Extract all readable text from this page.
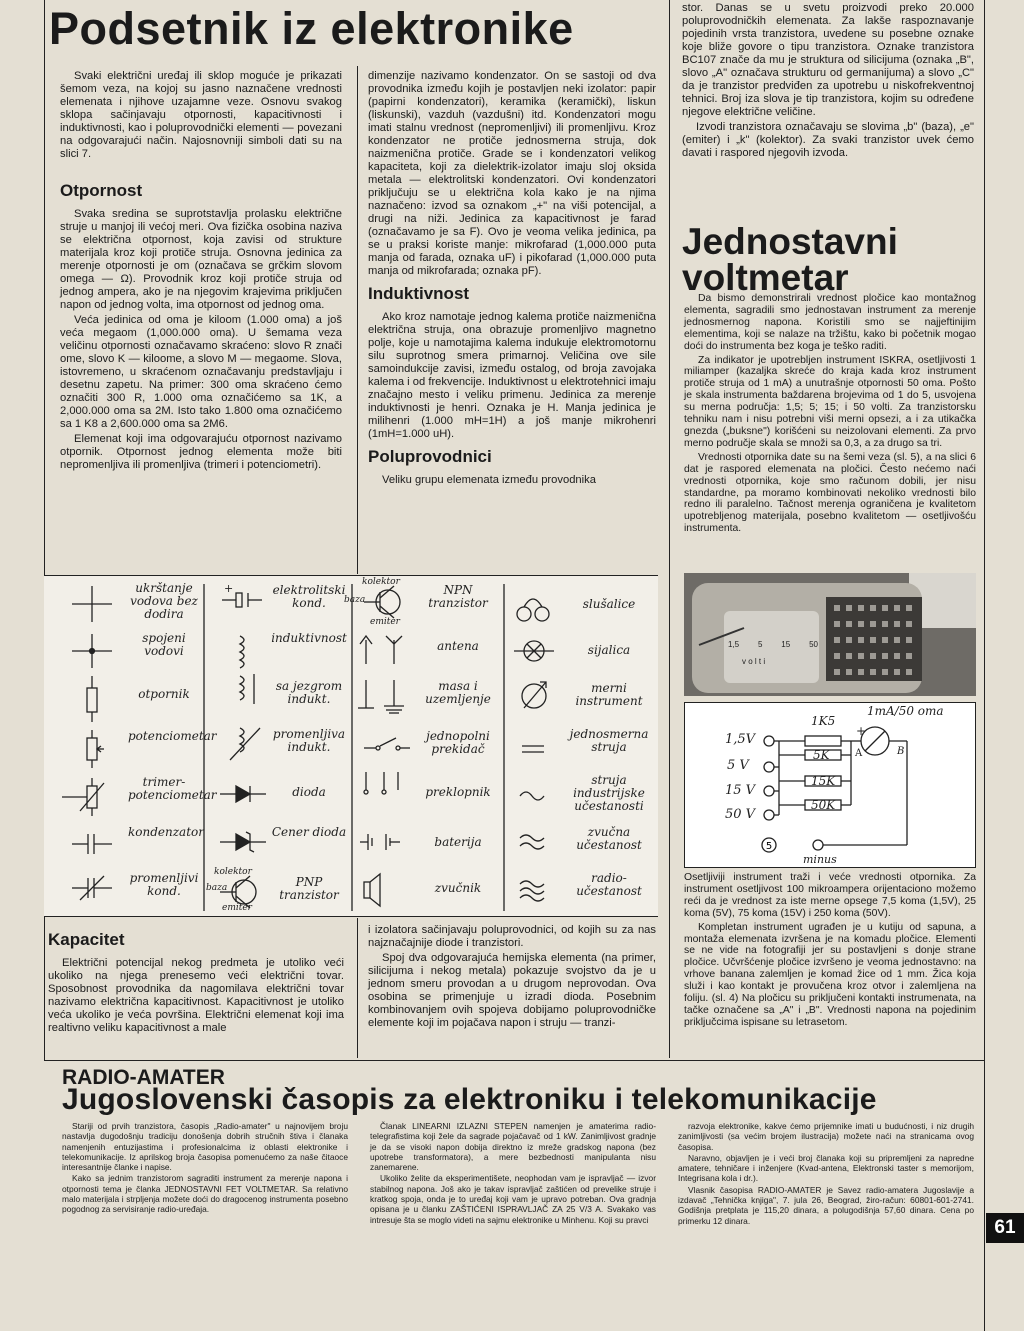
Podsetnik iz elektronike

Svaki električni uređaj ili sklop moguće je prikazati šemom veza, na kojoj su jasno naznačene vrednosti elemenata i njihove uzajamne veze. Osnovu svakog sklopa sačinjavaju otpornosti, kapacitivnosti i induktivnosti, kao i poluprovodnički elementi — povezani na odgovarajući način. Najosnovniji simboli dati su na slici 7.

Otpornost

Svaka sredina se suprotstavlja prolasku električne struje u manjoj ili većoj meri. Ova fizička osobina naziva se električna otpornost, koja zavisi od strukture materijala kroz koji protiče struja. Osnovna jedinica za merenje otpornosti je om (označava se grčkim slovom omega — Ω). Provodnik kroz koji protiče struja od jednog ampera, ako je na njegovim krajevima priključen napon od jednog volta, ima otpornost od jednog oma.

Veća jedinica od oma je kiloom (1.000 oma) a još veća megaom (1,000.000 oma). U šemama veza veličinu otpornosti označavamo skraćeno: slovo R znači ome, slovo K — kiloome, a slovo M — megaome. Slova, istovremeno, u skraćenom označavanju predstavljaju i desetnu zapetu. Na primer: 300 oma skraćeno ćemo označiti 300 R, 1.000 oma označićemo sa 1K, a 2,000.000 oma sa 2M. Isto tako 1.800 oma označićemo sa 1 K8 a 2,600.000 oma sa 2M6.

Elemenat koji ima odgovarajuću otpornost nazivamo otpornik. Otpornost jednog elementa može biti nepromenljiva ili promenljiva (trimeri i potenciometri).

Kapacitet

Električni potencijal nekog predmeta je utoliko veći ukoliko na njega prenesemo veći električni tovar. Sposobnost provodnika da nagomilava električni tovar nazivamo električna kapacitivnost. Kapacitivnost je utoliko veća ukoliko je veća površina. Električni elemenat koji ima realtivno veliku kapacitivnost a male

dimenzije nazivamo kondenzator. On se sastoji od dva provodnika između kojih je postavljen neki izolator: papir (papirni kondenzatori), keramika (keramički), liskun (liskunski), vazduh (vazdušni) itd. Kondenzatori mogu imati stalnu vrednost (nepromenljivi) ili promenljivu. Kroz kondenzator ne protiče jednosmerna struja, dok naizmenična protiče. Grade se i kondenzatori velikog kapaciteta, koji za dielektrik-izolator imaju sloj oksida metala — elektrolitski kondenzatori. Ovi kondenzatori priključuju se u električna kola kako je na njima naznačeno: izvod sa oznakom „+" na viši potencijal, a drugi na niži. Jedinica za kapacitivnost je farad (označavamo je sa F). Ovo je veoma velika jedinica, pa se u praksi koriste manje: mikrofarad (1,000.000 puta manja od farada, oznaka uF) i pikofarad (1,000.000 puta manja od mikrofarada; oznaka pF).

Induktivnost

Ako kroz namotaje jednog kalema protiče naizmenična električna struja, ona obrazuje promenljivo magnetno polje, koje u namotajima kalema indukuje elektromotornu silu suprotnog smera primarnoj. Veličina ove sile samoindukcije zavisi, između ostalog, od broja zavojaka kalema i od frekvencije. Induktivnost u elektrotehnici imaju značajno mesto i veliku primenu. Jedinica za merenje induktivnosti je henri. Oznaka je H. Manja jedinica je milihenri (1.000 mH=1H) a još manje mikrohenri (1mH=1.000 uH).

Poluprovodnici

Veliku grupu elemenata između provodnika

i izolatora sačinjavaju poluprovodnici, od kojih su za nas najznačajnije diode i tranzistori.

Spoj dva odgovarajuća hemijska elementa (na primer, silicijuma i nekog metala) pokazuje svojstvo da je u jednom smeru provodan a u drugom neprovodan. Ova osobina se primenjuje u izradi dioda. Posebnim kombinovanjem ovih spojeva dobijamo poluprovodničke elemente koji im pojačava napon i struju — tranzi-

stor. Danas se u svetu proizvodi preko 20.000 poluprovodničkih elemenata. Za lakše raspoznavanje pojedinih vrsta tranzistora, uvedene su posebne oznake koje bliže govore o tipu tranzistora. Oznake tranzistora BC107 znače da mu je struktura od silicijuma (oznaka „B", slovo „A" označava strukturu od germanijuma) a slovo „C" da je tranzistor predviđen za upotrebu u niskofrekventnoj tehnici. Broj iza slova je tip tranzistora, kojim su određene njegove električne veličine.

Izvodi tranzistora označavaju se slovima „b" (baza), „e" (emiter) i „k" (kolektor). Za svaki tranzistor uvek ćemo davati i raspored njegovih izvoda.

Jednostavni
voltmetar

Da bismo demonstrirali vrednost pločice kao montažnog elementa, sagradili smo jednostavan instrument za merenje jednosmernog napona. Koristili smo se najjeftinijim elementima, koji se nalaze na tržištu, kako bi početnik mogao doći do instrumenta bez koga je teško raditi.

Za indikator je upotrebljen instrument ISKRA, osetljivosti 1 miliamper (kazaljka skreće do kraja kada kroz instrument protiče struja od 1 mA) a unutrašnje otpornosti 50 oma. Pošto je skala instrumenta baždarena brojevima od 1 do 5, usvojena su merna područja: 1,5; 5; 15; i 50 volti. Za tranzistorsku tehniku nam i nisu potrebni viši merni opsezi, a i za utikačka gnezda („buksne") korišćeni su neizolovani elementi. Za prvo merno područje skala se množi sa 0,3, a za drugo sa tri.

Vrednosti otpornika date su na šemi veza (sl. 5), a na slici 6 dat je raspored elemenata na pločici. Često nećemo naći vrednosti otpornika, koje smo računom dobili, jer nisu standardne, pa moramo kombinovati nekoliko vrednosti bilo redno ili paralelno. Tačnost merenja ograničena je kvalitetom upotrebljenog materijala, posebno kvalitetom — osetljivošću instrumenta.

1,5 5 15 50
v o l t i
5
1mA/50 oma
1K5
5K
15K
50K
1,5V
5 V
15 V
50 V
+
A	B
minus

Osetljiviji instrument traži i veće vrednosti otpornika. Za instrument osetljivost 100 mikroampera orijentaciono možemo reći da je vrednost za iste merne opsege 7,5 koma (1,5V), 25 koma (5V), 75 koma (15V) i 250 koma (50V).

Kompletan instrument ugrađen je u kutiju od sapuna, a montaža elemenata izvršena je na komadu pločice. Elementi se ne vide na fotografiji jer su postavljeni s donje strane pločice. Učvršćenje pločice izvršeno je veoma jednostavno: na vrhove banana zalemljen je komad žice od 1 mm. Žica koja služi i kao kontakt je provučena kroz otvor i zalemljena na foliju. (sl. 4) Na pločicu su priključeni kontakti instrumenata, na tačke označene sa „A" i „B". Vrednosti napona na pojedinim priključcima ispisane su letrasetom.

ukrštanje vodova bez dodira
spojeni vodovi
otpornik
potenciometar
trimer-potenciometar
kondenzator
promenljivi kond.
elektrolitski kond.
induktivnost
sa jezgrom indukt.
promenljiva indukt.
dioda
Cener dioda
PNP tranzistor
NPN tranzistor
antena
masa i uzemljenje
jednopolni prekidač
preklopnik
baterija
zvučnik
slušalice
sijalica
merni instrument
jednosmerna struja
struja industrijske učestanosti
zvučna učestanost
radio-učestanost
kolektor
baza
emiter
kolektor
baza
emiter
+
RADIO-AMATER
Jugoslovenski časopis za elektroniku i telekomunikacije

Stariji od prvih tranzistora, časopis „Radio-amater" u najnovijem broju nastavlja dugodošnju tradiciju donošenja dobrih stručnih štiva i članaka namenjenih entuzijastima i profesionalcima iz oblasti elektronike i telekomunikacije. Iz aprilskog broja časopisa pomenućemo za naše čitaoce interesantnije članke i napise.

Kako sa jednim tranzistorom sagraditi instrument za merenje napona i otpornosti tema je članka JEDNOSTAVNI FET VOLTMETAR. Sa relativno malo materijala i strpljenja možete doći do dragocenog instrumenta posebno pogodnog za servisiranje radio-uređaja.

Članak LINEARNI IZLAZNI STEPEN namenjen je amaterima radio-telegrafistima koji žele da sagrade pojačavač od 1 kW. Zanimljivost gradnje je da se visoki napon dobija direktno iz mreže gradskog napona (bez upotrebe transformatora), a mere bezbednosti manipulanta nisu zanemarene.

Ukoliko želite da eksperimentišete, neophodan vam je ispravljač — izvor stabilnog napona. Još ako je takav ispravljač zaštićen od prevelike struje i kratkog spoja, onda je to uređaj koji vam je upravo potreban. Ova gradnja opisana je u članku ZAŠTIĆENI ISPRAVLJAČ ZA 25 V/3 A. Svakako vas intresuje šta se moglo videti na sajmu elektronike u Minhenu. Koji su pravci

razvoja elektronike, kakve ćemo prijemnike imati u budućnosti, i niz drugih zanimljivosti (sa većim brojem ilustracija) možete naći na stranicama ovog časopisa.

Naravno, objavljen je i veći broj članaka koji su pripremljeni za napredne amatere, tehničare i inženjere (Kvad-antena, Elektronski taster s memorijom, Integrisana kola i dr.).

Vlasnik časopisa RADIO-AMATER je Savez radio-amatera Jugoslavije a izdavač „Tehnička knjiga", 7. jula 26, Beograd, žiro-račun: 60801-601-2741. Godišnja pretplata je 115,20 dinara, a polugodišnja 57,60 dinara. Cena po primerku 12 dinara.	61
